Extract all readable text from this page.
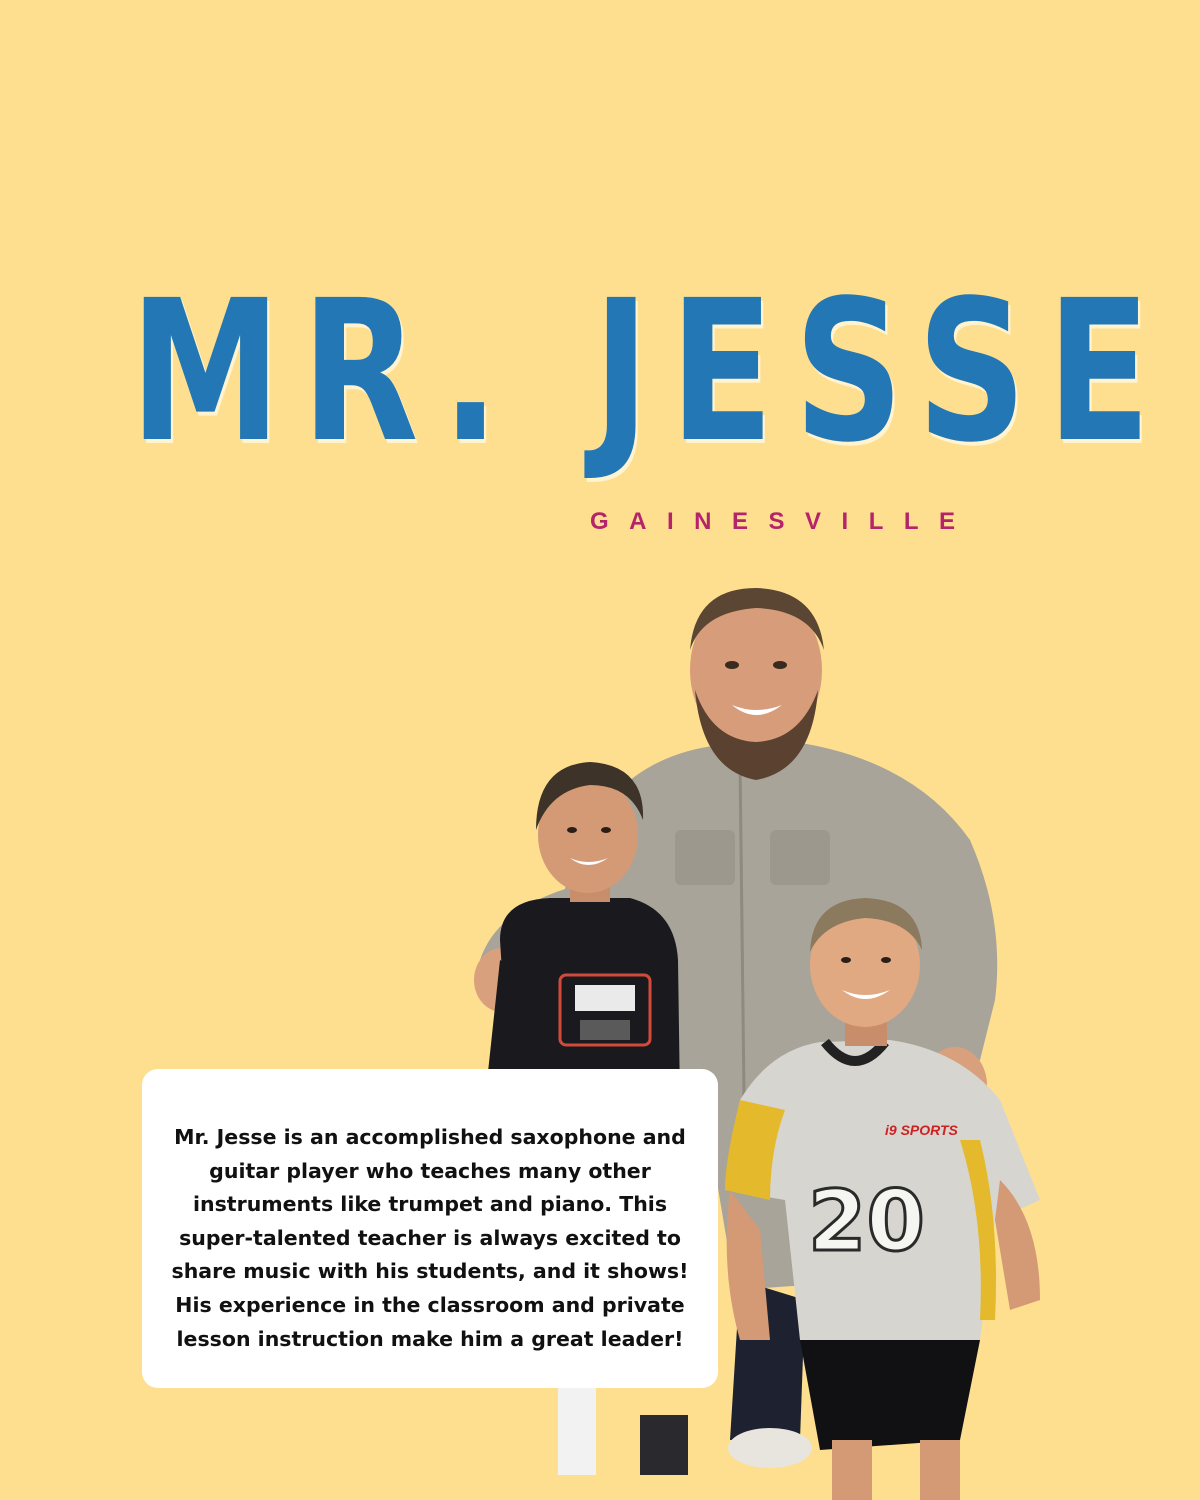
MR. JESSE
GAINESVILLE
i9 SPORTS
20

Mr. Jesse is an accomplished saxophone and guitar player who teaches many other instruments like trumpet and piano. This super-talented teacher is always excited to share music with his students, and it shows! His experience in the classroom and private lesson instruction make him a great leader!
